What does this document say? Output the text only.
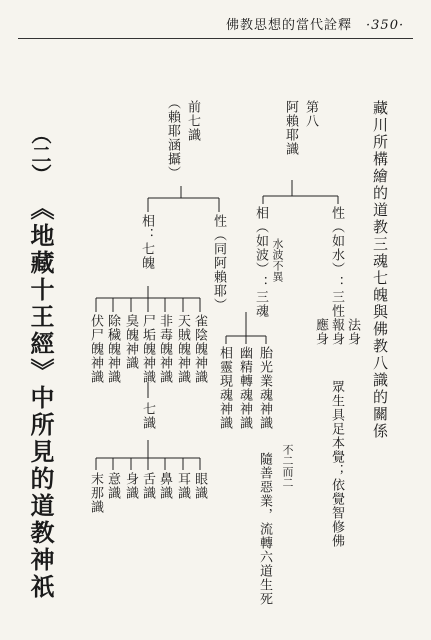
佛教思想的當代詮釋 ·350·
藏川所構繪的道教三魂七魄與佛教八識的關係
第八
阿賴耶識
性（如水）：三性
法身
報身
應身
眾生具足本覺；依覺智修佛
相（如波）：三魂 水波不異
胎光業魂神識
幽精轉魂神識
相靈現魂神識
不二而二
隨善惡業，流轉六道生死
前七識
（賴耶涵攝）
性（同阿賴耶）
相：七魄
雀陰魄神識
天賊魄神識
非毒魄神識
尸垢魄神識
臭魄神識
除穢魄神識
伏尸魄神識
七識
眼識
耳識
鼻識
舌識
身識
意識
末那識
（二）
《地藏十王經》中所見的道教神祇
